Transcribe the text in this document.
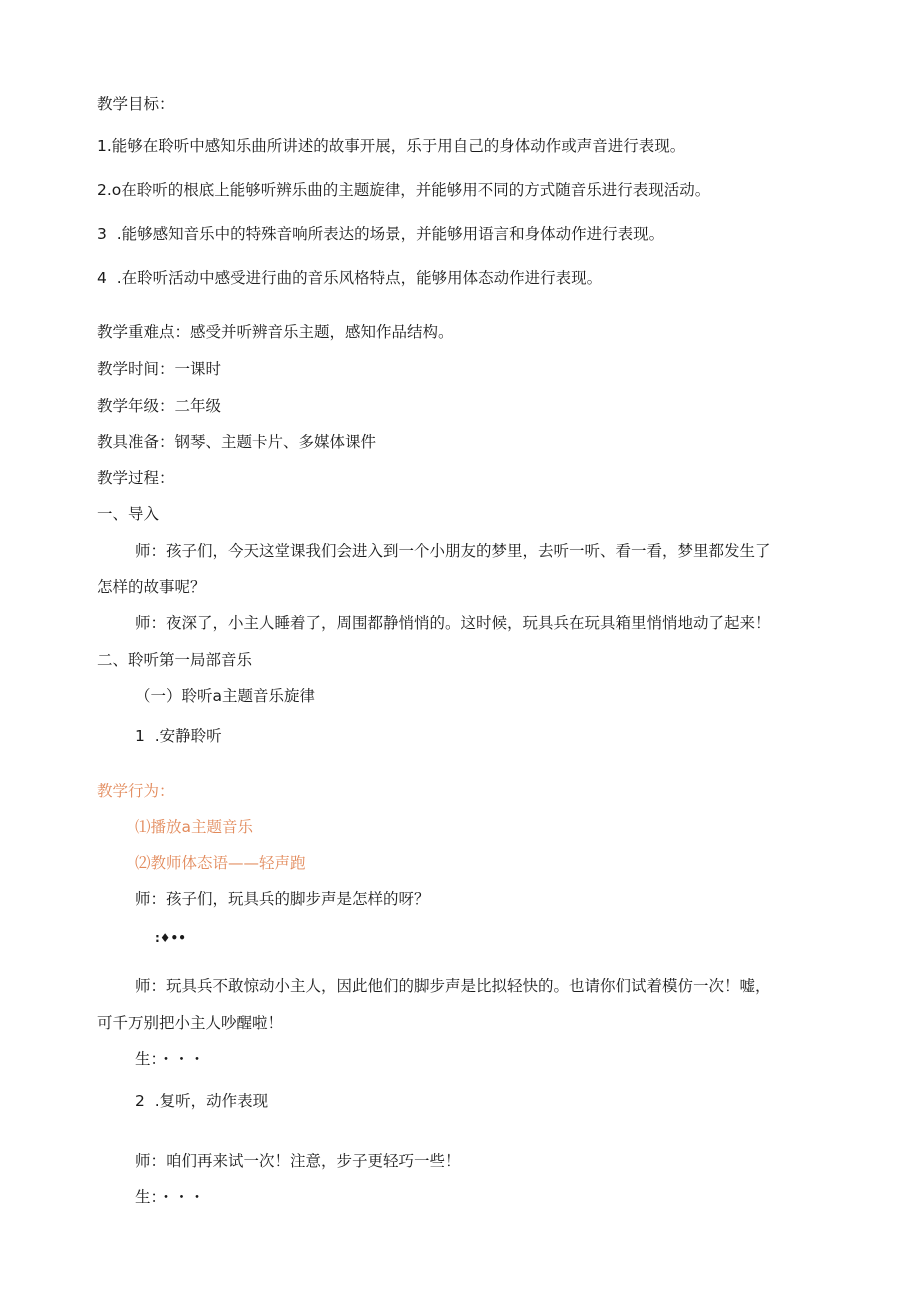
教学目标：
1.能够在聆听中感知乐曲所讲述的故事开展，乐于用自己的身体动作或声音进行表现。
2.o在聆听的根底上能够听辨乐曲的主题旋律，并能够用不同的方式随音乐进行表现活动。
3  .能够感知音乐中的特殊音响所表达的场景，并能够用语言和身体动作进行表现。
4  .在聆听活动中感受进行曲的音乐风格特点，能够用体态动作进行表现。
教学重难点：感受并听辨音乐主题，感知作品结构。
教学时间：一课时
教学年级：二年级
教具准备：钢琴、主题卡片、多媒体课件
教学过程：
一、导入
师：孩子们，今天这堂课我们会进入到一个小朋友的梦里，去听一听、看一看，梦里都发生了
怎样的故事呢？
师：夜深了，小主人睡着了，周围都静悄悄的。这时候，玩具兵在玩具箱里悄悄地动了起来！
二、聆听第一局部音乐
（一）聆听a主题音乐旋律
1  .安静聆听
教学行为：
⑴播放a主题音乐
⑵教师体态语——轻声跑
师：孩子们，玩具兵的脚步声是怎样的呀？
:♦••
师：玩具兵不敢惊动小主人，因此他们的脚步声是比拟轻快的。也请你们试着模仿一次！嘘，
可千万别把小主人吵醒啦！
生：・・・
2  .复听，动作表现
师：咱们再来试一次！注意，步子更轻巧一些！
生：・・・
